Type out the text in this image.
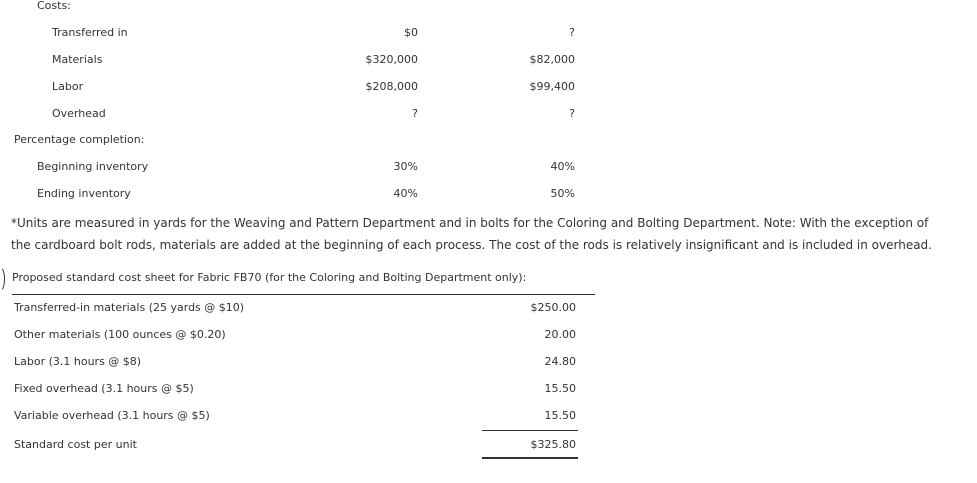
Costs:
Transferred in	$0	?
Materials	$320,000	$82,000
Labor	$208,000	$99,400
Overhead	?	?
Percentage completion:
Beginning inventory	30%	40%
Ending inventory	40%	50%
*Units are measured in yards for the Weaving and Pattern Department and in bolts for the Coloring and Bolting Department. Note: With the exception of the cardboard bolt rods, materials are added at the beginning of each process. The cost of the rods is relatively insignificant and is included in overhead.
Proposed standard cost sheet for Fabric FB70 (for the Coloring and Bolting Department only):
Transferred-in materials (25 yards @ $10)	$250.00
Other materials (100 ounces @ $0.20)	20.00
Labor (3.1 hours @ $8)	24.80
Fixed overhead (3.1 hours @ $5)	15.50
Variable overhead (3.1 hours @ $5)	15.50
Standard cost per unit	$325.80
